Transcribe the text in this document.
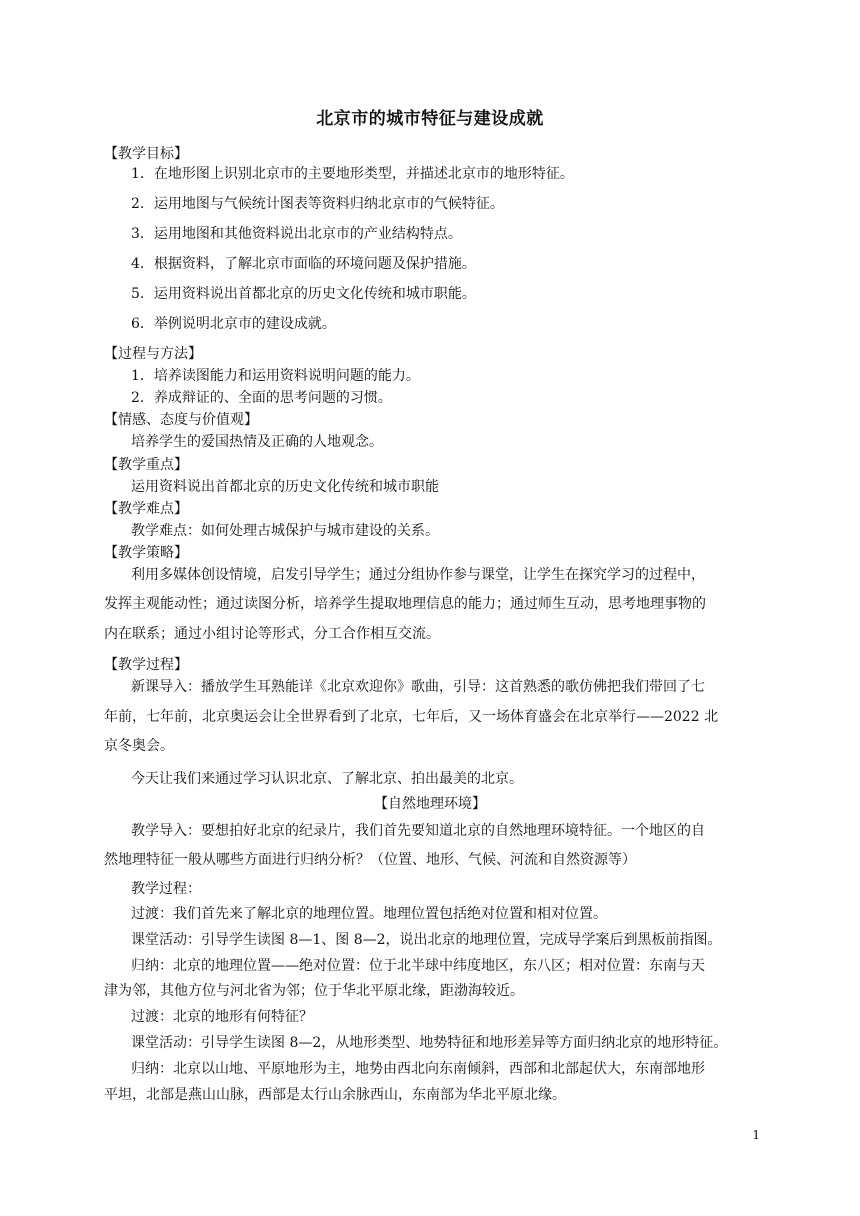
北京市的城市特征与建设成就
【教学目标】
1．在地形图上识别北京市的主要地形类型，并描述北京市的地形特征。
2．运用地图与气候统计图表等资料归纳北京市的气候特征。
3．运用地图和其他资料说出北京市的产业结构特点。
4．根据资料，了解北京市面临的环境问题及保护措施。
5．运用资料说出首都北京的历史文化传统和城市职能。
6．举例说明北京市的建设成就。
【过程与方法】
1．培养读图能力和运用资料说明问题的能力。
2．养成辩证的、全面的思考问题的习惯。
【情感、态度与价值观】
培养学生的爱国热情及正确的人地观念。
【教学重点】
运用资料说出首都北京的历史文化传统和城市职能
【教学难点】
教学难点：如何处理古城保护与城市建设的关系。
【教学策略】
利用多媒体创设情境，启发引导学生；通过分组协作参与课堂，让学生在探究学习的过程中，
发挥主观能动性；通过读图分析，培养学生提取地理信息的能力；通过师生互动，思考地理事物的
内在联系；通过小组讨论等形式，分工合作相互交流。
【教学过程】
新课导入：播放学生耳熟能详《北京欢迎你》歌曲，引导：这首熟悉的歌仿佛把我们带回了七
年前，七年前，北京奥运会让全世界看到了北京，七年后，又一场体育盛会在北京举行——2022 北
京冬奥会。
今天让我们来通过学习认识北京、了解北京、拍出最美的北京。
【自然地理环境】
教学导入：要想拍好北京的纪录片，我们首先要知道北京的自然地理环境特征。一个地区的自
然地理特征一般从哪些方面进行归纳分析？（位置、地形、气候、河流和自然资源等）
教学过程：
过渡：我们首先来了解北京的地理位置。地理位置包括绝对位置和相对位置。
课堂活动：引导学生读图 8—1、图 8—2，说出北京的地理位置，完成导学案后到黑板前指图。
归纳：北京的地理位置——绝对位置：位于北半球中纬度地区，东八区；相对位置：东南与天
津为邻，其他方位与河北省为邻；位于华北平原北缘，距渤海较近。
过渡：北京的地形有何特征？
课堂活动：引导学生读图 8—2，从地形类型、地势特征和地形差异等方面归纳北京的地形特征。
归纳：北京以山地、平原地形为主，地势由西北向东南倾斜，西部和北部起伏大，东南部地形
平坦，北部是燕山山脉，西部是太行山余脉西山，东南部为华北平原北缘。
1
